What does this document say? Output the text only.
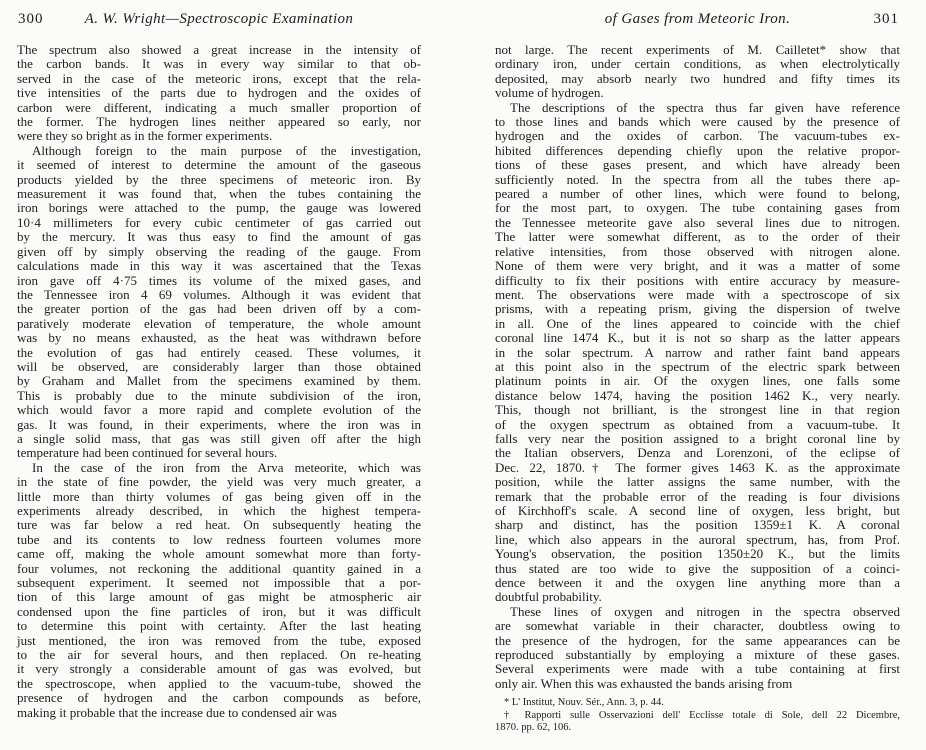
300	A. W. Wright—Spectroscopic Examination
The spectrum also showed a great increase in the intensity of
the carbon bands. It was in every way similar to that ob-
served in the case of the meteoric irons, except that the rela-
tive intensities of the parts due to hydrogen and the oxides of
carbon were different, indicating a much smaller proportion of
the former. The hydrogen lines neither appeared so early, nor
were they so bright as in the former experiments.
Although foreign to the main purpose of the investigation,
it seemed of interest to determine the amount of the gaseous
products yielded by the three specimens of meteoric iron. By
measurement it was found that, when the tubes containing the
iron borings were attached to the pump, the gauge was lowered
10·4 millimeters for every cubic centimeter of gas carried out
by the mercury. It was thus easy to find the amount of gas
given off by simply observing the reading of the gauge. From
calculations made in this way it was ascertained that the Texas
iron gave off 4·75 times its volume of the mixed gases, and
the Tennessee iron 4 69 volumes. Although it was evident that
the greater portion of the gas had been driven off by a com-
paratively moderate elevation of temperature, the whole amount
was by no means exhausted, as the heat was withdrawn before
the evolution of gas had entirely ceased. These volumes, it
will be observed, are considerably larger than those obtained
by Graham and Mallet from the specimens examined by them.
This is probably due to the minute subdivision of the iron,
which would favor a more rapid and complete evolution of the
gas. It was found, in their experiments, where the iron was in
a single solid mass, that gas was still given off after the high
temperature had been continued for several hours.
In the case of the iron from the Arva meteorite, which was
in the state of fine powder, the yield was very much greater, a
little more than thirty volumes of gas being given off in the
experiments already described, in which the highest tempera-
ture was far below a red heat. On subsequently heating the
tube and its contents to low redness fourteen volumes more
came off, making the whole amount somewhat more than forty-
four volumes, not reckoning the additional quantity gained in a
subsequent experiment. It seemed not impossible that a por-
tion of this large amount of gas might be atmospheric air
condensed upon the fine particles of iron, but it was difficult
to determine this point with certainty. After the last heating
just mentioned, the iron was removed from the tube, exposed
to the air for several hours, and then replaced. On re-heating
it very strongly a considerable amount of gas was evolved, but
the spectroscope, when applied to the vacuum-tube, showed the
presence of hydrogen and the carbon compounds as before,
making it probable that the increase due to condensed air was
of Gases from Meteoric Iron.	301
not large. The recent experiments of M. Cailletet* show that
ordinary iron, under certain conditions, as when electrolytically
deposited, may absorb nearly two hundred and fifty times its
volume of hydrogen.
The descriptions of the spectra thus far given have reference
to those lines and bands which were caused by the presence of
hydrogen and the oxides of carbon. The vacuum-tubes ex-
hibited differences depending chiefly upon the relative propor-
tions of these gases present, and which have already been
sufficiently noted. In the spectra from all the tubes there ap-
peared a number of other lines, which were found to belong,
for the most part, to oxygen. The tube containing gases from
the Tennessee meteorite gave also several lines due to nitrogen.
The latter were somewhat different, as to the order of their
relative intensities, from those observed with nitrogen alone.
None of them were very bright, and it was a matter of some
difficulty to fix their positions with entire accuracy by measure-
ment. The observations were made with a spectroscope of six
prisms, with a repeating prism, giving the dispersion of twelve
in all. One of the lines appeared to coincide with the chief
coronal line 1474 K., but it is not so sharp as the latter appears
in the solar spectrum. A narrow and rather faint band appears
at this point also in the spectrum of the electric spark between
platinum points in air. Of the oxygen lines, one falls some
distance below 1474, having the position 1462 K., very nearly.
This, though not brilliant, is the strongest line in that region
of the oxygen spectrum as obtained from a vacuum-tube. It
falls very near the position assigned to a bright coronal line by
the Italian observers, Denza and Lorenzoni, of the eclipse of
Dec. 22, 1870.† The former gives 1463 K. as the approximate
position, while the latter assigns the same number, with the
remark that the probable error of the reading is four divisions
of Kirchhoff's scale. A second line of oxygen, less bright, but
sharp and distinct, has the position 1359±1 K. A coronal
line, which also appears in the auroral spectrum, has, from Prof.
Young's observation, the position 1350±20 K., but the limits
thus stated are too wide to give the supposition of a coinci-
dence between it and the oxygen line anything more than a
doubtful probability.
These lines of oxygen and nitrogen in the spectra observed
are somewhat variable in their character, doubtless owing to
the presence of the hydrogen, for the same appearances can be
reproduced substantially by employing a mixture of these gases.
Several experiments were made with a tube containing at first
only air. When this was exhausted the bands arising from
* L' Institut, Nouv. Sér., Ann. 3, p. 44.
† Rapporti sulle Osservazioni dell' Ecclisse totale di Sole, dell 22 Dicembre,
1870. pp. 62, 106.
